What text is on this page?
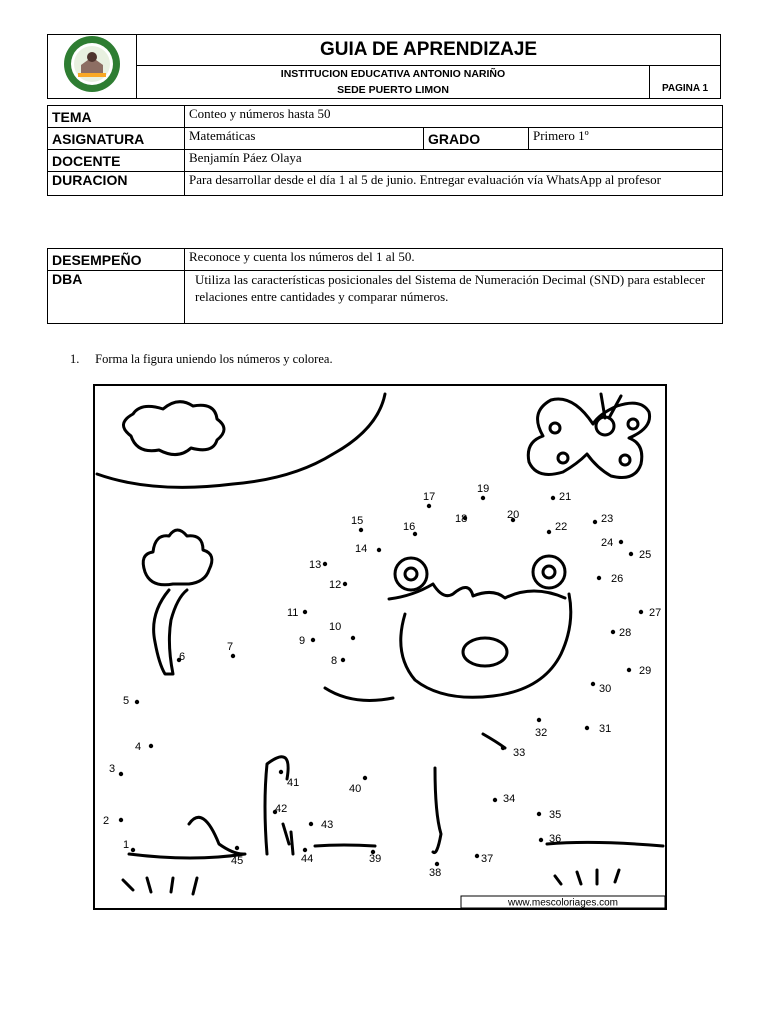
	GUIA DE APRENDIZAJE	

	INSTITUCION EDUCATIVA ANTONIO NARIÑO
SEDE PUERTO LIMON	PAGINA 1
TEMA	Conteo y números hasta 50		
ASIGNATURA	Matemáticas	GRADO	Primero 1º
DOCENTE	Benjamín Páez Olaya		
DURACION	Para desarrollar desde el día 1 al 5 de junio. Entregar evaluación vía WhatsApp al profesor		
DESEMPEÑO	Reconoce y cuenta los números del 1 al 50.
DBA	Utiliza las características posicionales del Sistema de Numeración Decimal (SND) para establecer relaciones entre cantidades y comparar números.
1. Forma la figura uniendo los números y colorea.
1
2
3
4
5
6
7
8
9
10
11
12
13
14
15	16
17
18
19
20
21
22
23
24
25
26
27
28
29
30
31
32
33
34
35
36
37
38
39
40
41
42
43
44
45
www.mescoloriages.com
